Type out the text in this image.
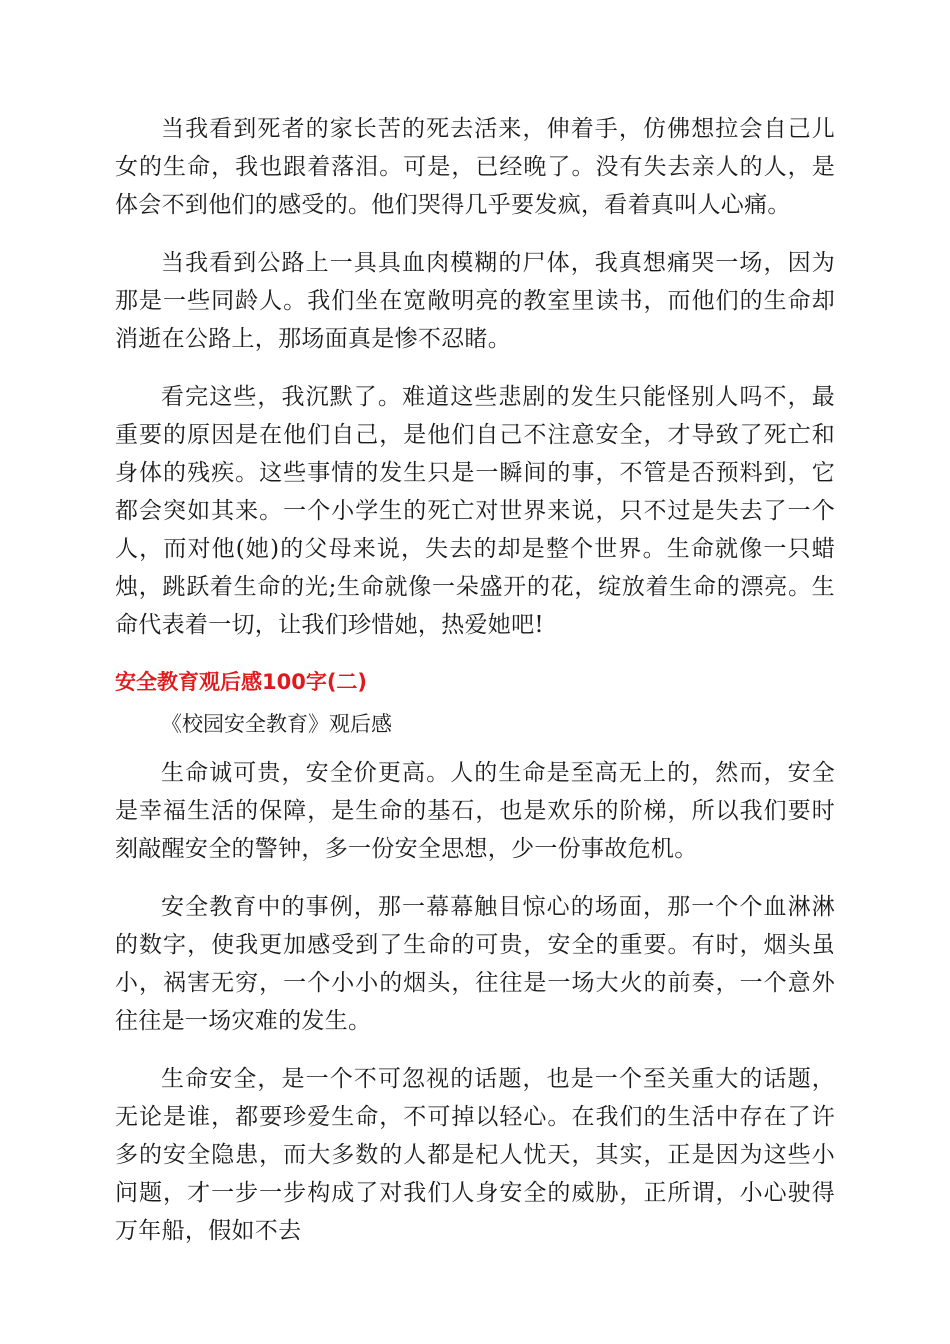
当我看到死者的家长苦的死去活来，伸着手，仿佛想拉会自己儿女的生命，我也跟着落泪。可是，已经晚了。没有失去亲人的人，是体会不到他们的感受的。他们哭得几乎要发疯，看着真叫人心痛。

当我看到公路上一具具血肉模糊的尸体，我真想痛哭一场，因为那是一些同龄人。我们坐在宽敞明亮的教室里读书，而他们的生命却消逝在公路上，那场面真是惨不忍睹。

看完这些，我沉默了。难道这些悲剧的发生只能怪别人吗不，最重要的原因是在他们自己，是他们自己不注意安全，才导致了死亡和身体的残疾。这些事情的发生只是一瞬间的事，不管是否预料到，它都会突如其来。一个小学生的死亡对世界来说，只不过是失去了一个人，而对他(她)的父母来说，失去的却是整个世界。生命就像一只蜡烛，跳跃着生命的光;生命就像一朵盛开的花，绽放着生命的漂亮。生命代表着一切，让我们珍惜她，热爱她吧!

安全教育观后感100字(二)
《校园安全教育》观后感

生命诚可贵，安全价更高。人的生命是至高无上的，然而，安全是幸福生活的保障，是生命的基石，也是欢乐的阶梯，所以我们要时刻敲醒安全的警钟，多一份安全思想，少一份事故危机。

安全教育中的事例，那一幕幕触目惊心的场面，那一个个血淋淋的数字，使我更加感受到了生命的可贵，安全的重要。有时，烟头虽小，祸害无穷，一个小小的烟头，往往是一场大火的前奏，一个意外往往是一场灾难的发生。

生命安全，是一个不可忽视的话题，也是一个至关重大的话题，无论是谁，都要珍爱生命，不可掉以轻心。在我们的生活中存在了许多的安全隐患，而大多数的人都是杞人忧天，其实，正是因为这些小问题，才一步一步构成了对我们人身安全的威胁，正所谓，小心驶得万年船，假如不去
